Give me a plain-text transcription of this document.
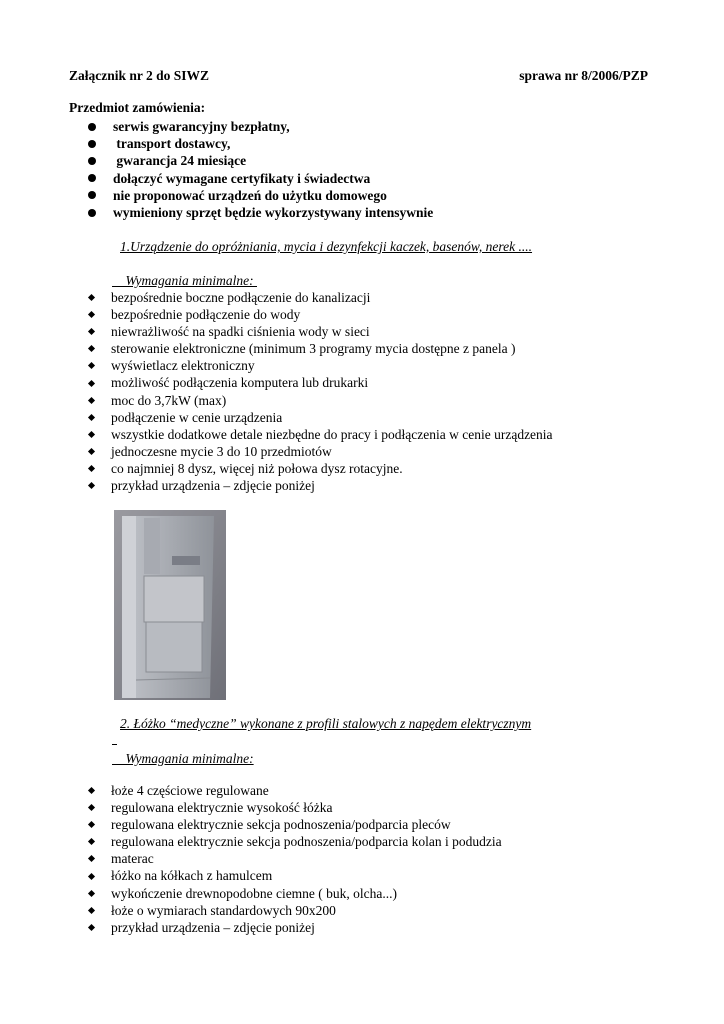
Załącznik nr 2 do SIWZ	sprawa nr 8/2006/PZP
Przedmiot zamówienia:
serwis gwarancyjny bezpłatny,
transport dostawcy,
gwarancja 24 miesiące
dołączyć wymagane certyfikaty i świadectwa
nie proponować urządzeń do użytku domowego
wymieniony sprzęt będzie wykorzystywany intensywnie
1.Urządzenie do opróżniania, mycia i dezynfekcji kaczek, basenów, nerek ....
Wymagania minimalne:
bezpośrednie boczne podłączenie do kanalizacji
bezpośrednie podłączenie do wody
niewrażliwość na spadki ciśnienia wody w sieci
sterowanie elektroniczne (minimum 3 programy mycia dostępne z panela )
wyświetlacz elektroniczny
możliwość podłączenia komputera lub drukarki
moc do 3,7kW (max)
podłączenie w cenie urządzenia
wszystkie dodatkowe detale niezbędne do pracy i podłączenia w cenie urządzenia
jednoczesne mycie 3 do 10 przedmiotów
co najmniej 8 dysz, więcej niż połowa dysz rotacyjne.
przykład urządzenia – zdjęcie poniżej
2. Łóżko “medyczne” wykonane z profili stalowych z napędem elektrycznym
Wymagania minimalne:
łoże 4 częściowe regulowane
regulowana elektrycznie wysokość łóżka
regulowana elektrycznie sekcja podnoszenia/podparcia pleców
regulowana elektrycznie sekcja podnoszenia/podparcia kolan i podudzia
materac
łóżko na kółkach z hamulcem
wykończenie drewnopodobne ciemne ( buk, olcha...)
łoże o wymiarach standardowych 90x200
przykład urządzenia – zdjęcie poniżej
